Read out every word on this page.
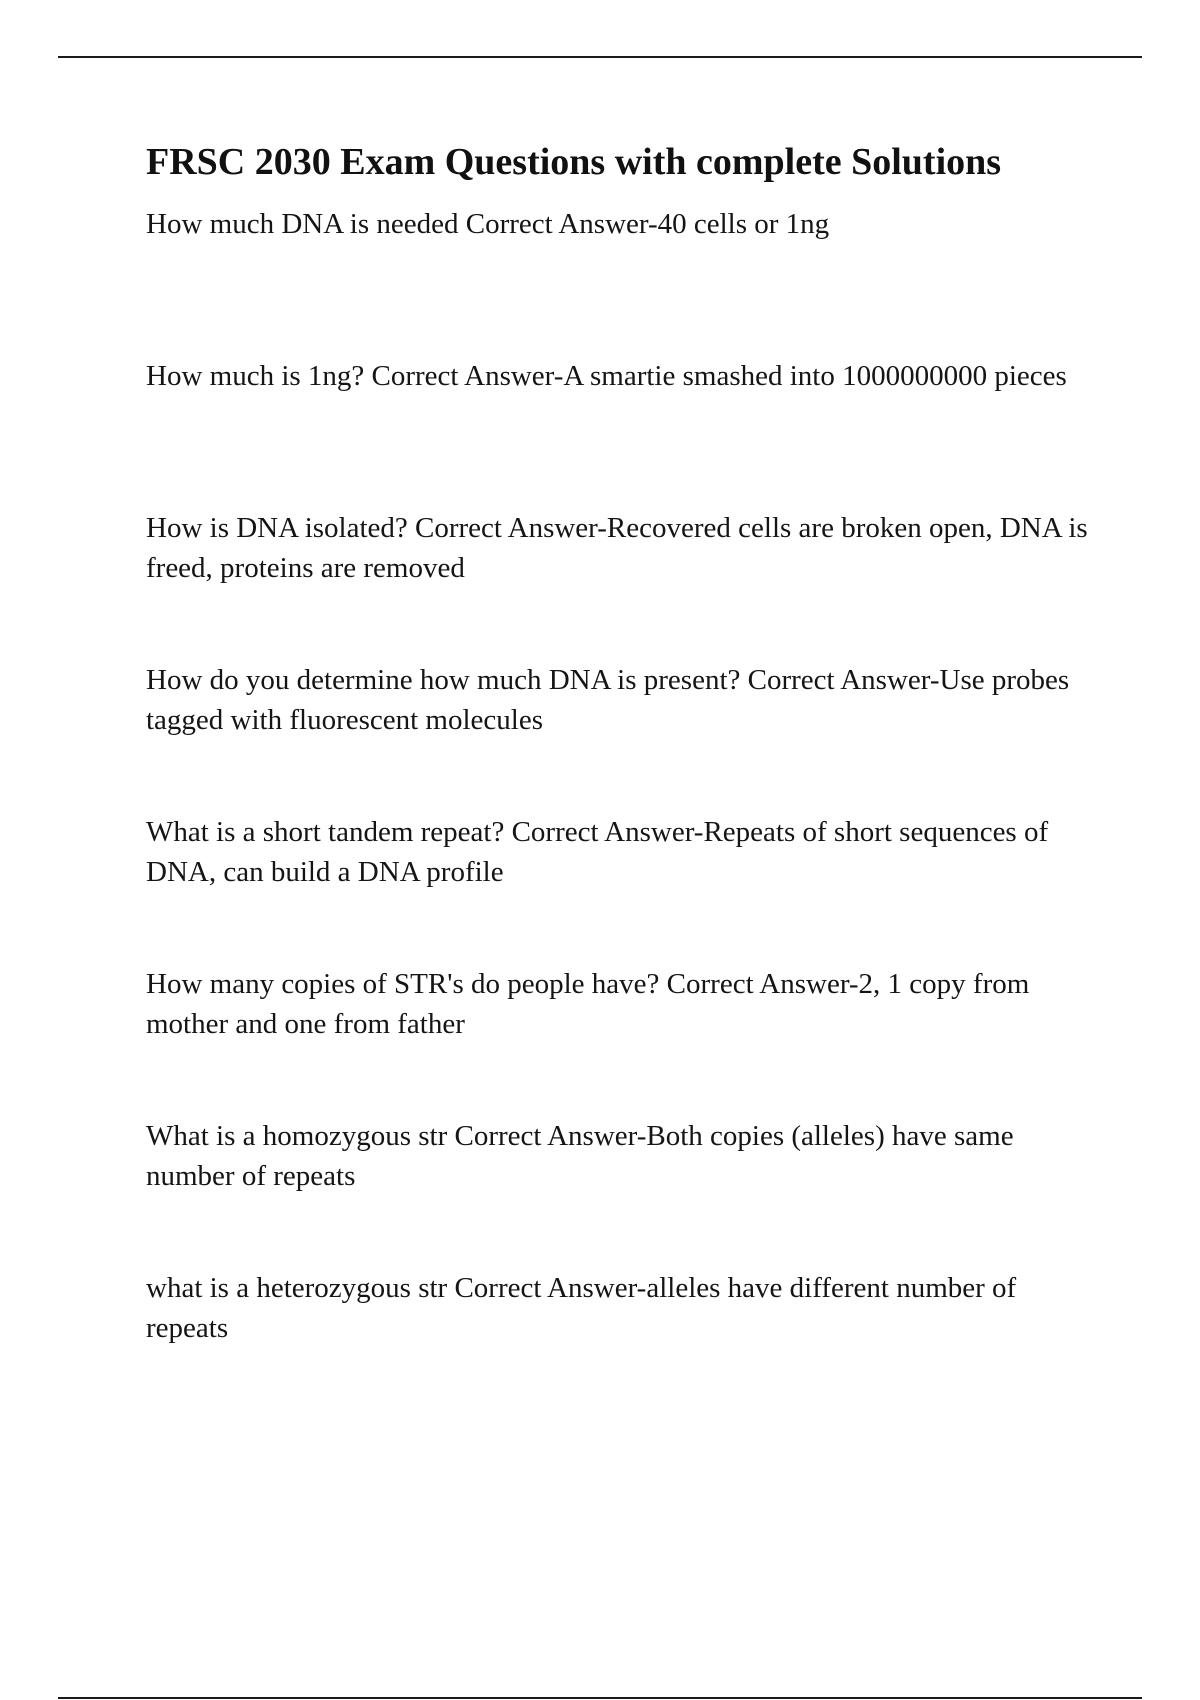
FRSC 2030 Exam Questions with complete Solutions

How much DNA is needed Correct Answer-40 cells or 1ng

How much is 1ng? Correct Answer-A smartie smashed into 1000000000 pieces

How is DNA isolated? Correct Answer-Recovered cells are broken open, DNA is freed, proteins are removed

How do you determine how much DNA is present? Correct Answer-Use probes tagged with fluorescent molecules

What is a short tandem repeat? Correct Answer-Repeats of short sequences of DNA, can build a DNA profile

How many copies of STR's do people have? Correct Answer-2, 1 copy from mother and one from father

What is a homozygous str Correct Answer-Both copies (alleles) have same number of repeats

what is a heterozygous str Correct Answer-alleles have different number of repeats
